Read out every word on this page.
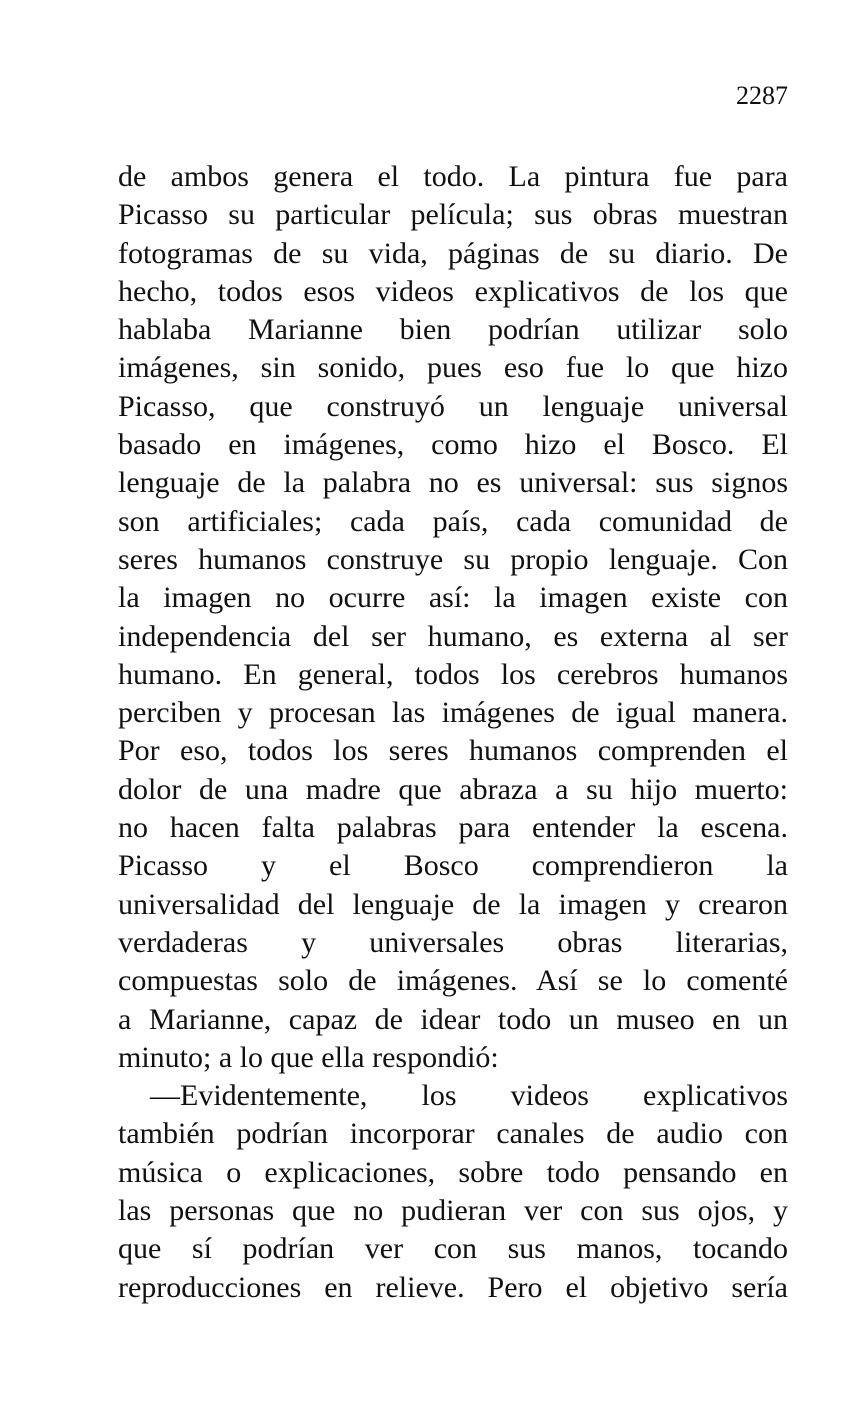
2287
de ambos genera el todo. La pintura fue para
Picasso su particular película; sus obras muestran
fotogramas de su vida, páginas de su diario. De
hecho, todos esos videos explicativos de los que
hablaba Marianne bien podrían utilizar solo
imágenes, sin sonido, pues eso fue lo que hizo
Picasso, que construyó un lenguaje universal
basado en imágenes, como hizo el Bosco. El
lenguaje de la palabra no es universal: sus signos
son artificiales; cada país, cada comunidad de
seres humanos construye su propio lenguaje. Con
la imagen no ocurre así: la imagen existe con
independencia del ser humano, es externa al ser
humano. En general, todos los cerebros humanos
perciben y procesan las imágenes de igual manera.
Por eso, todos los seres humanos comprenden el
dolor de una madre que abraza a su hijo muerto:
no hacen falta palabras para entender la escena.
Picasso y el Bosco comprendieron la
universalidad del lenguaje de la imagen y crearon
verdaderas y universales obras literarias,
compuestas solo de imágenes. Así se lo comenté
a Marianne, capaz de idear todo un museo en un
minuto; a lo que ella respondió:
—Evidentemente, los videos explicativos
también podrían incorporar canales de audio con
música o explicaciones, sobre todo pensando en
las personas que no pudieran ver con sus ojos, y
que sí podrían ver con sus manos, tocando
reproducciones en relieve. Pero el objetivo sería
